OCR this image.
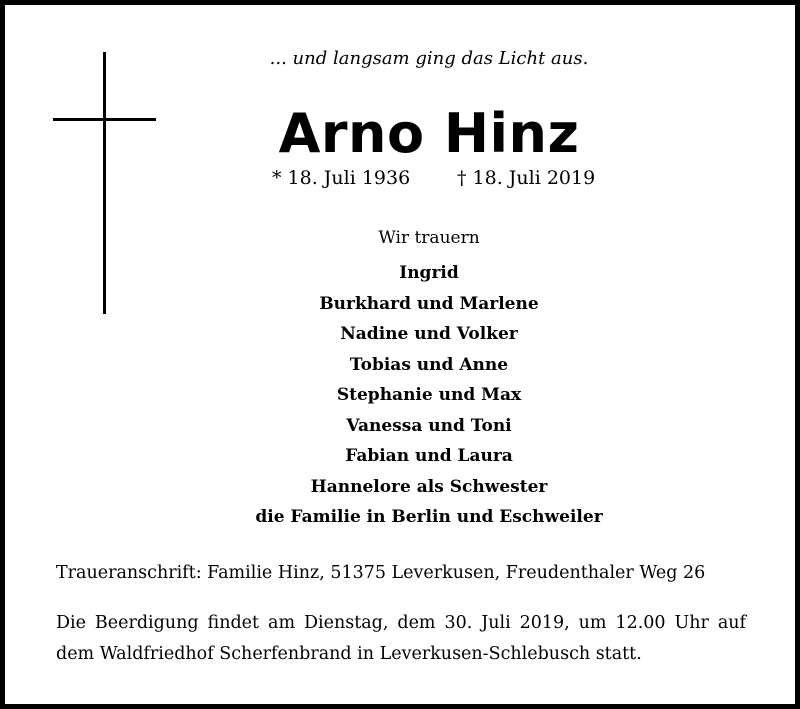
... und langsam ging das Licht aus.
Arno Hinz
* 18. Juli 1936 † 18. Juli 2019
Wir trauern
Ingrid
Burkhard und Marlene
Nadine und Volker
Tobias und Anne
Stephanie und Max
Vanessa und Toni
Fabian und Laura
Hannelore als Schwester
die Familie in Berlin und Eschweiler
Traueranschrift: Familie Hinz, 51375 Leverkusen, Freudenthaler Weg 26

Die Beerdigung findet am Dienstag, dem 30. Juli 2019, um 12.00 Uhr auf dem Waldfriedhof Scherfenbrand in Leverkusen-Schlebusch statt.
